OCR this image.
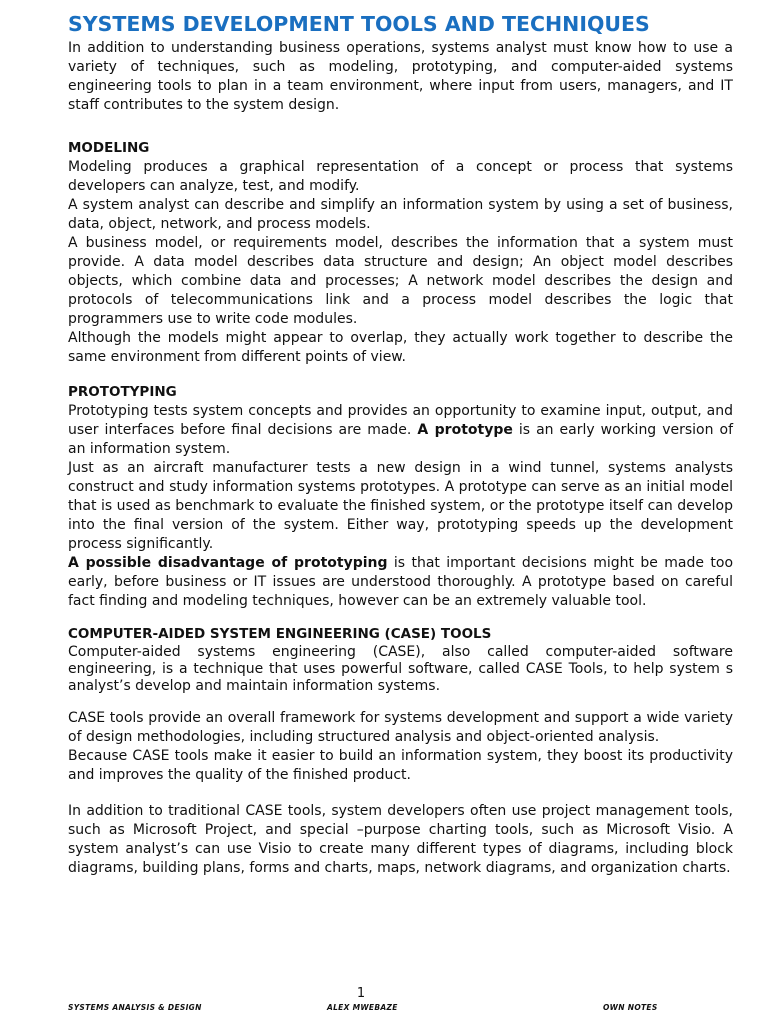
SYSTEMS DEVELOPMENT TOOLS AND TECHNIQUES

In addition to understanding business operations, systems analyst must know how to use a variety of techniques, such as modeling, prototyping, and computer-aided systems engineering tools to plan in a team environment, where input from users, managers, and IT staff contributes to the system design.

MODELING

Modeling produces a graphical representation of a concept or process that systems developers can analyze, test, and modify.

A system analyst can describe and simplify an information system by using a set of business, data, object, network, and process models.

A business model, or requirements model, describes the information that a system must provide. A data model describes data structure and design; An object model describes objects, which combine data and processes; A network model describes the design and protocols of telecommunications link and a process model describes the logic that programmers use to write code modules.

Although the models might appear to overlap, they actually work together to describe the same environment from different points of view.

PROTOTYPING

Prototyping tests system concepts and provides an opportunity to examine input, output, and user interfaces before final decisions are made. A prototype is an early working version of an information system.

Just as an aircraft manufacturer tests a new design in a wind tunnel, systems analysts construct and study information systems prototypes. A prototype can serve as an initial model that is used as benchmark to evaluate the finished system, or the prototype itself can develop into the final version of the system. Either way, prototyping speeds up the development process significantly.

A possible disadvantage of prototyping is that important decisions might be made too early, before business or IT issues are understood thoroughly. A prototype based on careful fact finding and modeling techniques, however can be an extremely valuable tool.

COMPUTER-AIDED SYSTEM ENGINEERING (CASE) TOOLS

Computer-aided systems engineering (CASE), also called computer-aided software engineering, is a technique that uses powerful software, called CASE Tools, to help system s analyst’s develop and maintain information systems.

CASE tools provide an overall framework for systems development and support a wide variety of design methodologies, including structured analysis and object-oriented analysis.

Because CASE tools make it easier to build an information system, they boost its productivity and improves the quality of the finished product.

In addition to traditional CASE tools, system developers often use project management tools, such as Microsoft Project, and special –purpose charting tools, such as Microsoft Visio. A system analyst’s can use Visio to create many different types of diagrams, including block diagrams, building plans, forms and charts, maps, network diagrams, and organization charts.

1
SYSTEMS ANALYSIS & DESIGN	ALEX MWEBAZE	OWN NOTES
